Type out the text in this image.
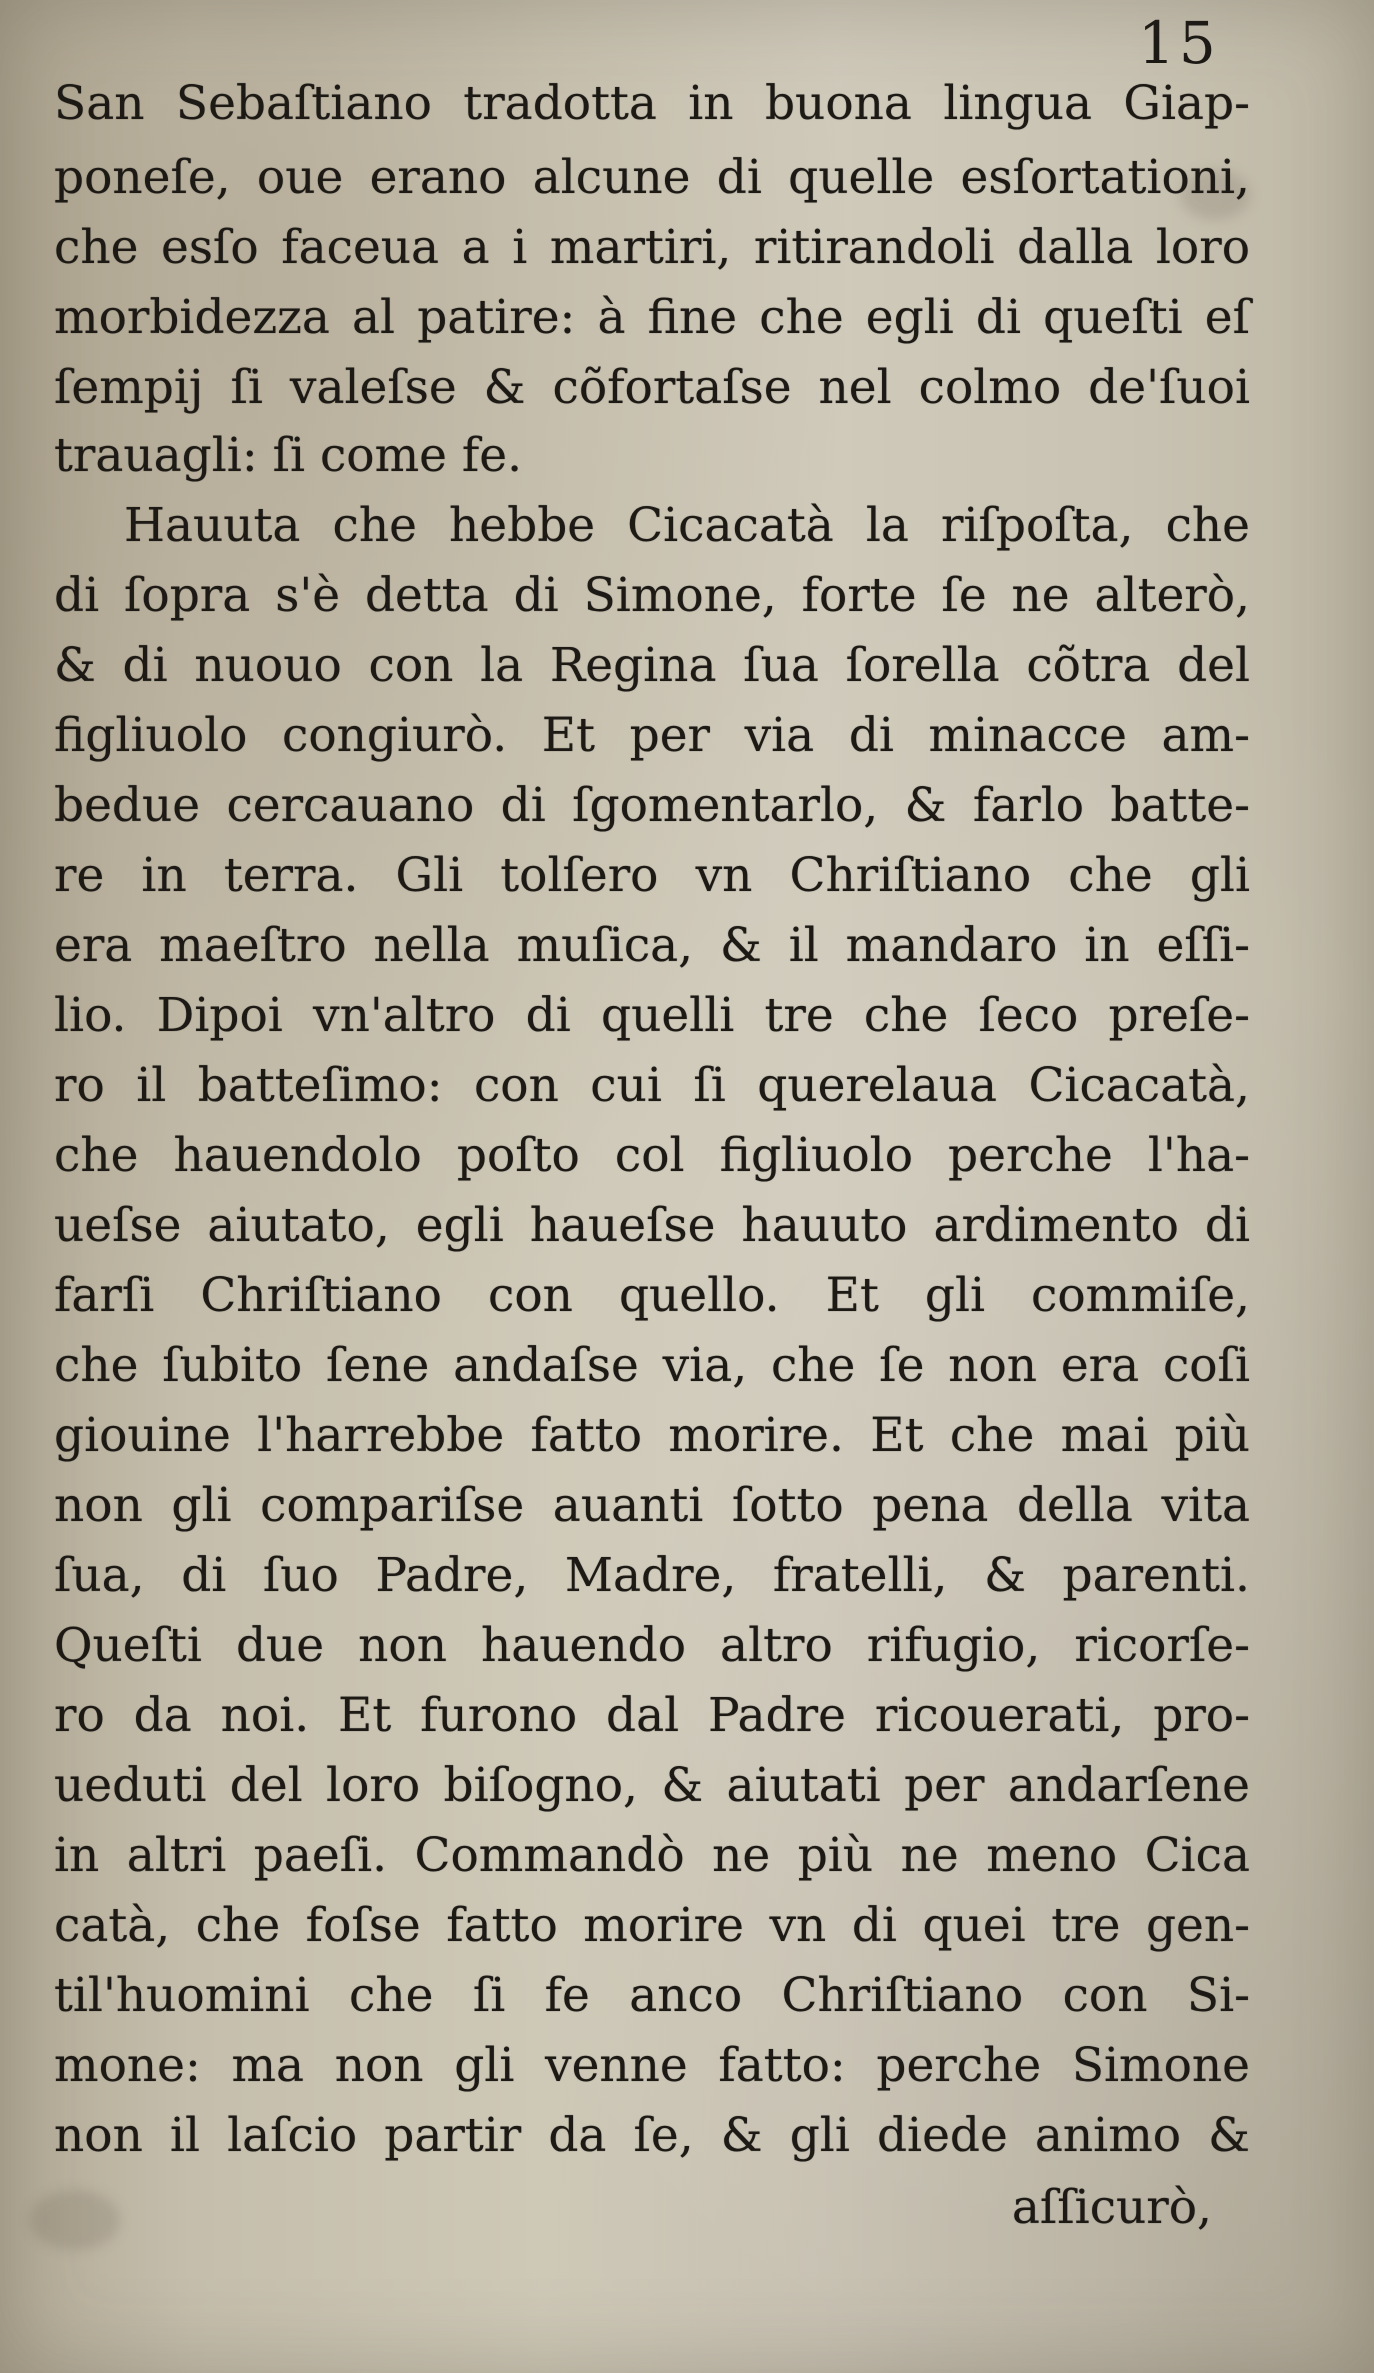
15
San Sebaſtiano tradotta in buona lingua Giap-
poneſe, oue erano alcune di quelle esſortationi,
che esſo faceua a i martiri, ritirandoli dalla loro
morbidezza al patire: à fine che egli di queſti eſ
ſempij ſi valeſse & cõfortaſse nel colmo de'ſuoi
trauagli: ſi come fe.
Hauuta che hebbe Cicacatà la riſpoſta, che
di ſopra s'è detta di Simone, forte ſe ne alterò,
& di nuouo con la Regina ſua ſorella cõtra del
figliuolo congiurò. Et per via di minacce am-
bedue cercauano di ſgomentarlo, & farlo batte-
re in terra. Gli tolſero vn Chriſtiano che gli
era maeſtro nella muſica, & il mandaro in eſſi-
lio. Dipoi vn'altro di quelli tre che ſeco preſe-
ro il batteſimo: con cui ſi querelaua Cicacatà,
che hauendolo poſto col figliuolo perche l'ha-
ueſse aiutato, egli haueſse hauuto ardimento di
farſi Chriſtiano con quello. Et gli commiſe,
che ſubito ſene andaſse via, che ſe non era coſi
giouine l'harrebbe fatto morire. Et che mai più
non gli compariſse auanti ſotto pena della vita
ſua, di ſuo Padre, Madre, fratelli, & parenti.
Queſti due non hauendo altro rifugio, ricorſe-
ro da noi. Et furono dal Padre ricouerati, pro-
ueduti del loro biſogno, & aiutati per andarſene
in altri paeſi. Commandò ne più ne meno Cica
catà, che foſse fatto morire vn di quei tre gen-
til'huomini che ſi fe anco Chriſtiano con Si-
mone: ma non gli venne fatto: perche Simone
non il laſcio partir da ſe, & gli diede animo &
aſſicurò,
